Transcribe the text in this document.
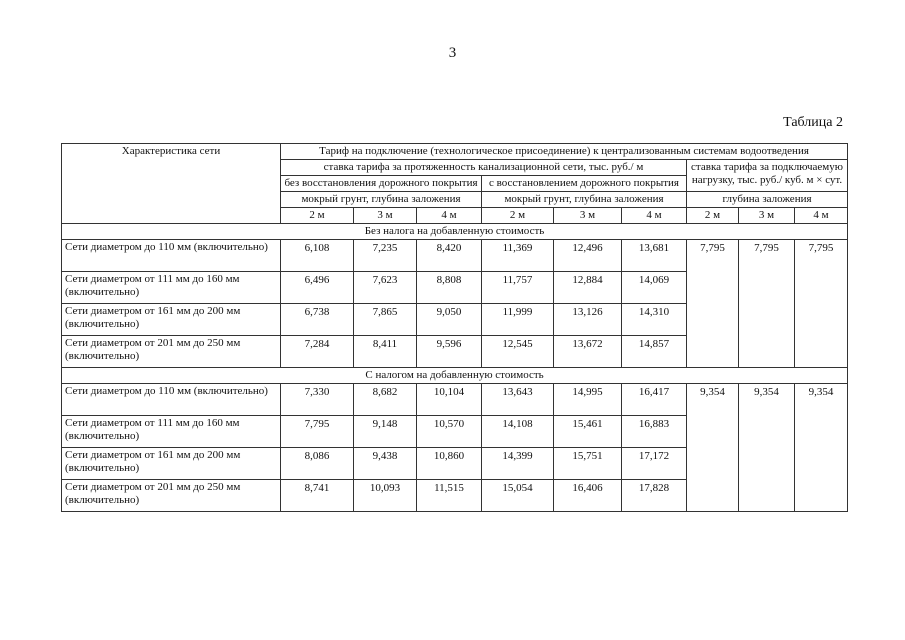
3
Таблица 2
Характеристика сети	Тариф на подключение (технологическое присоединение) к централизованным системам водоотведения								
	ставка тарифа за протяженность канализационной сети, тыс. руб./ м						ставка тарифа за подключаемую нагрузку, тыс. руб./ куб. м × сут.		
	без восстановления дорожного покрытия			с восстановлением дорожного покрытия					
	мокрый грунт, глубина заложения			мокрый грунт, глубина заложения			глубина заложения		
	2 м	3 м	4 м	2 м	3 м	4 м	2 м	3 м	4 м
Без налога на добавленную стоимость									
Сети диаметром до 110 мм (включительно)	6,108	7,235	8,420	11,369	12,496	13,681	7,795	7,795	7,795
Сети диаметром от 111 мм до 160 мм (включительно)	6,496	7,623	8,808	11,757	12,884	14,069			
Сети диаметром от 161 мм до 200 мм (включительно)	6,738	7,865	9,050	11,999	13,126	14,310			
Сети диаметром от 201 мм до 250 мм (включительно)	7,284	8,411	9,596	12,545	13,672	14,857			
С налогом на добавленную стоимость									
Сети диаметром до 110 мм (включительно)	7,330	8,682	10,104	13,643	14,995	16,417	9,354	9,354	9,354
Сети диаметром от 111 мм до 160 мм (включительно)	7,795	9,148	10,570	14,108	15,461	16,883			
Сети диаметром от 161 мм до 200 мм (включительно)	8,086	9,438	10,860	14,399	15,751	17,172			
Сети диаметром от 201 мм до 250 мм (включительно)	8,741	10,093	11,515	15,054	16,406	17,828			
